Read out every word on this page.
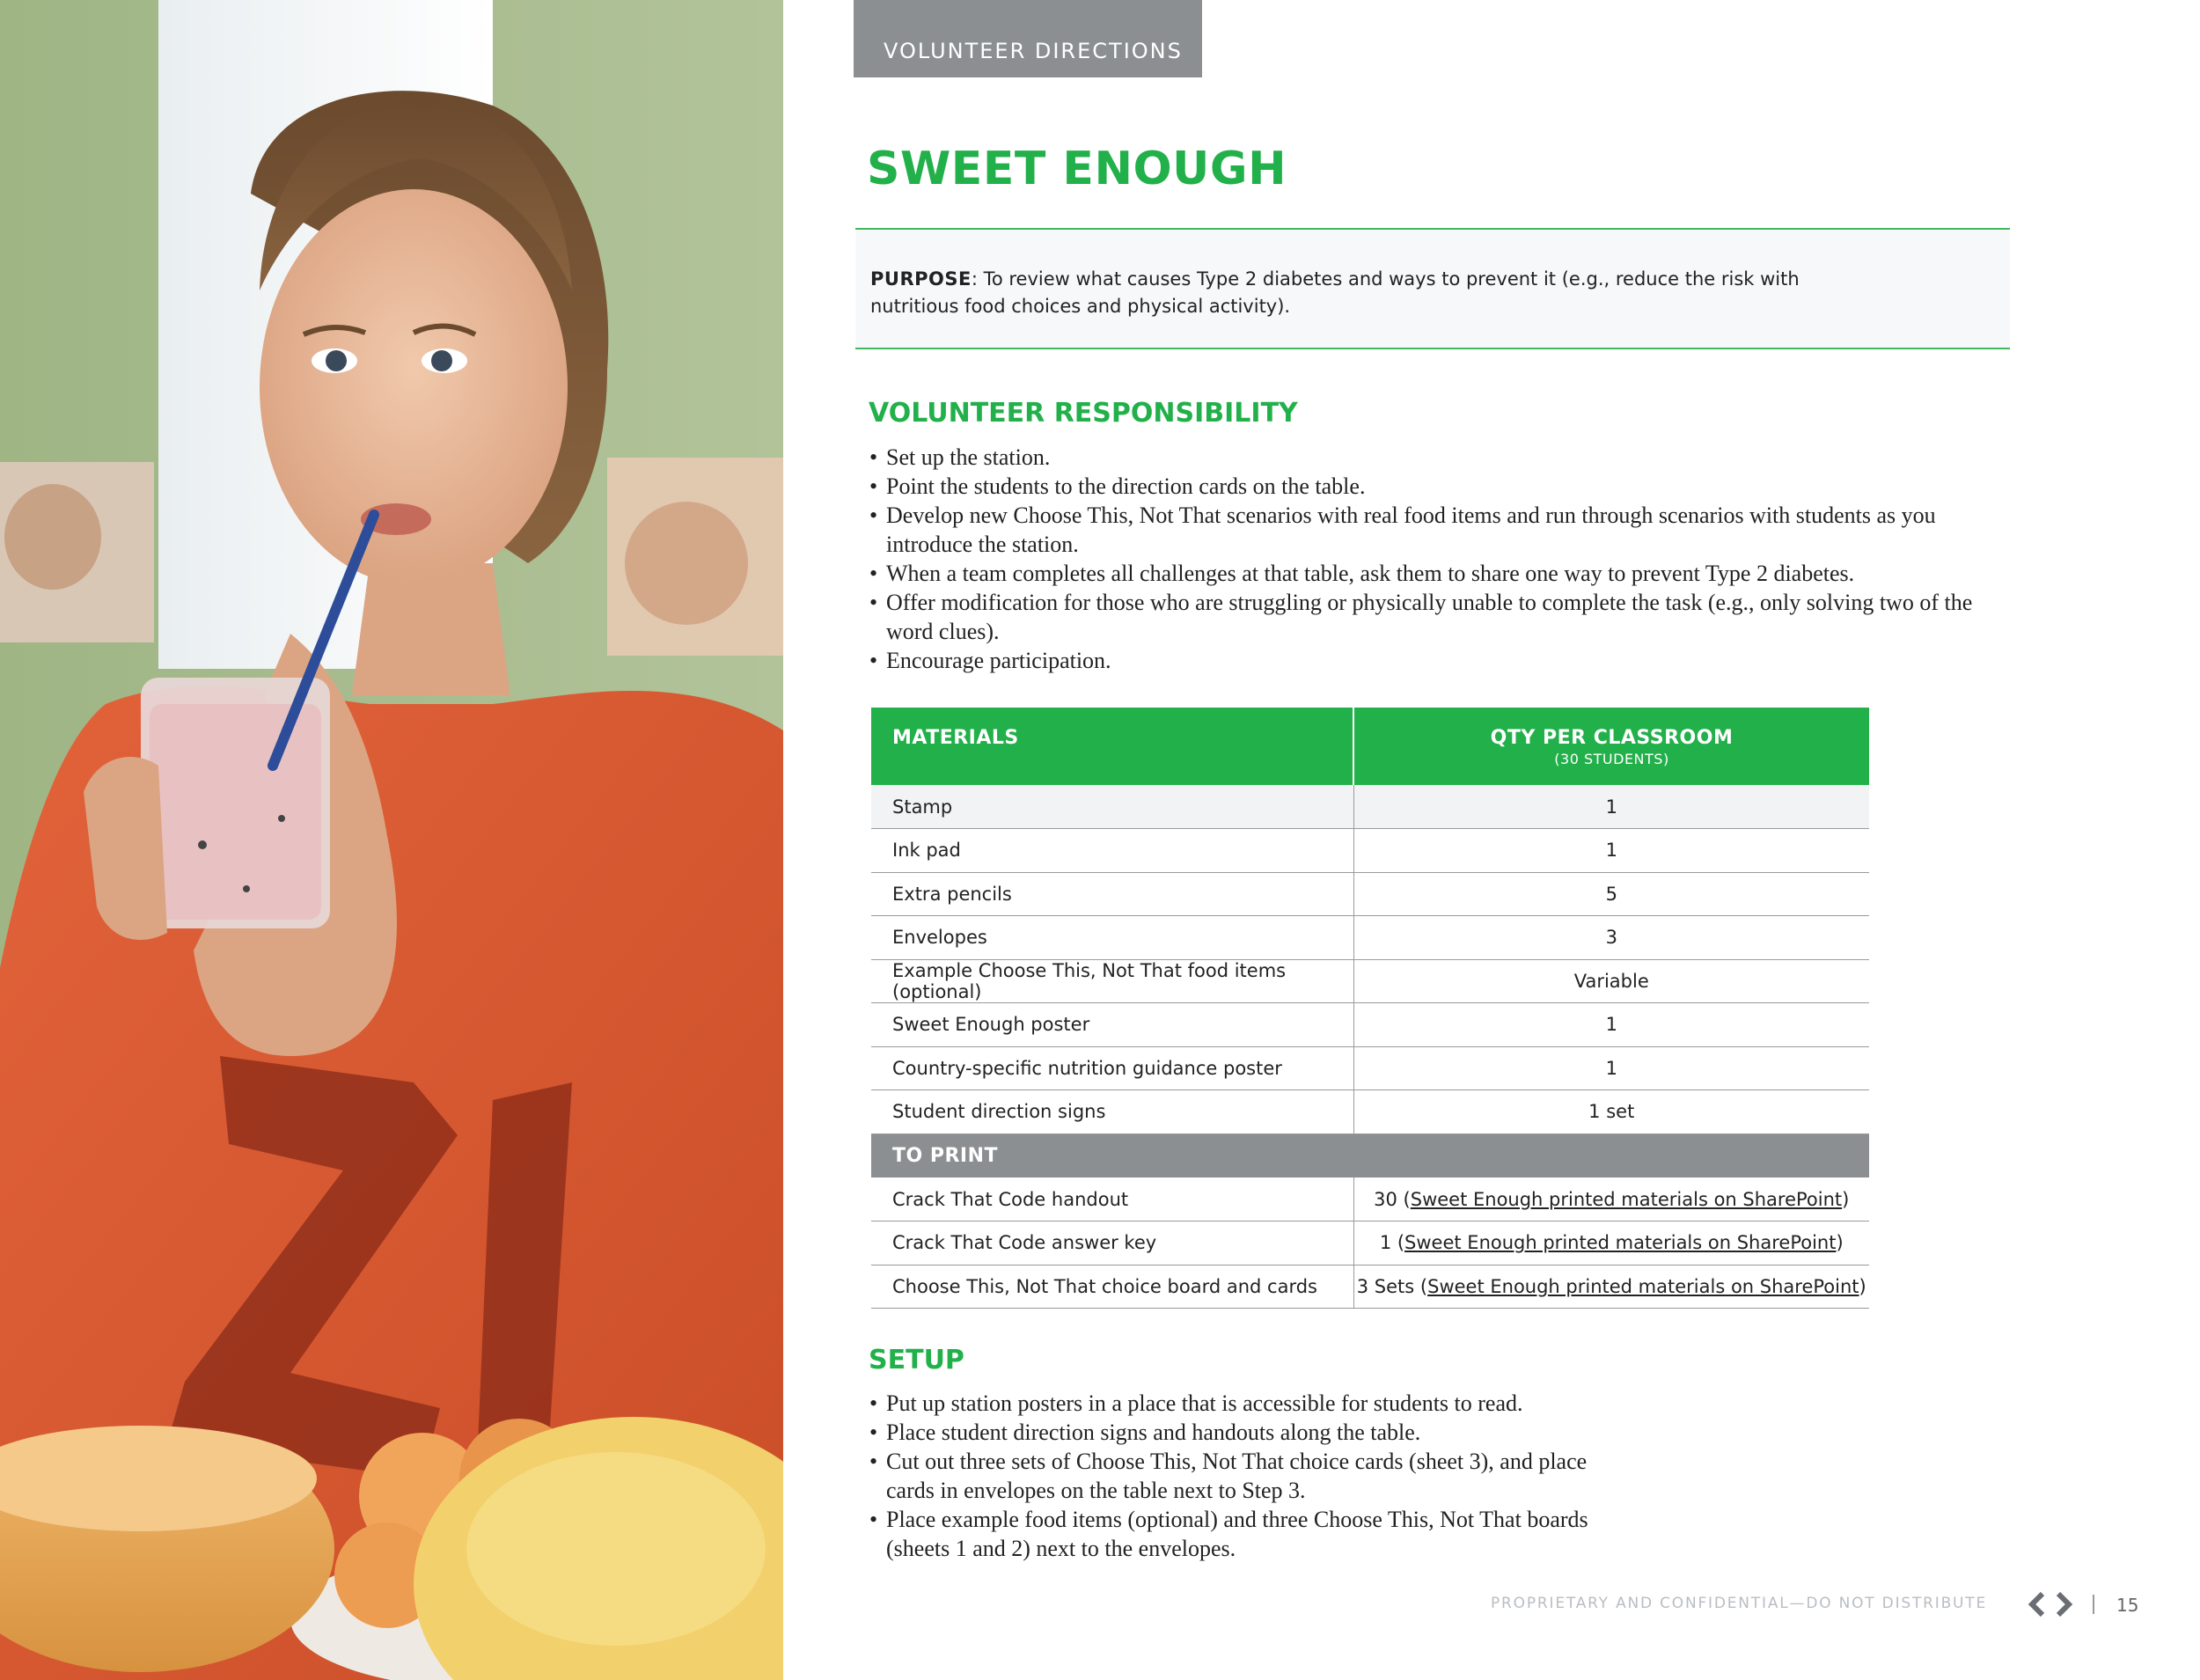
VOLUNTEER DIRECTIONS
SWEET ENOUGH

PURPOSE: To review what causes Type 2 diabetes and ways to prevent it (e.g., reduce the risk with nutritious food choices and physical activity).

VOLUNTEER RESPONSIBILITY
• Set up the station.
• Point the students to the direction cards on the table.
• Develop new Choose This, Not That scenarios with real food items and run through scenarios with students as you introduce the station.
• When a team completes all challenges at that table, ask them to share one way to prevent Type 2 diabetes.
• Offer modification for those who are struggling or physically unable to complete the task (e.g., only solving two of the word clues).
• Encourage participation.
MATERIALS	QTY PER CLASSROOM
(30 STUDENTS)

Stamp	1
Ink pad	1
Extra pencils	5
Envelopes	3
Example Choose This, Not That food items (optional)	Variable
Sweet Enough poster	1
Country-specific nutrition guidance poster	1
Student direction signs	1 set
TO PRINT	
Crack That Code handout	30 (Sweet Enough printed materials on SharePoint)
Crack That Code answer key	1 (Sweet Enough printed materials on SharePoint)
Choose This, Not That choice board and cards	3 Sets (Sweet Enough printed materials on SharePoint)
SETUP
• Put up station posters in a place that is accessible for students to read.
• Place student direction signs and handouts along the table.
• Cut out three sets of Choose This, Not That choice cards (sheet 3), and place cards in envelopes on the table next to Step 3.
• Place example food items (optional) and three Choose This, Not That boards (sheets 1 and 2) next to the envelopes.
PROPRIETARY AND CONFIDENTIAL—DO NOT DISTRIBUTE	15
